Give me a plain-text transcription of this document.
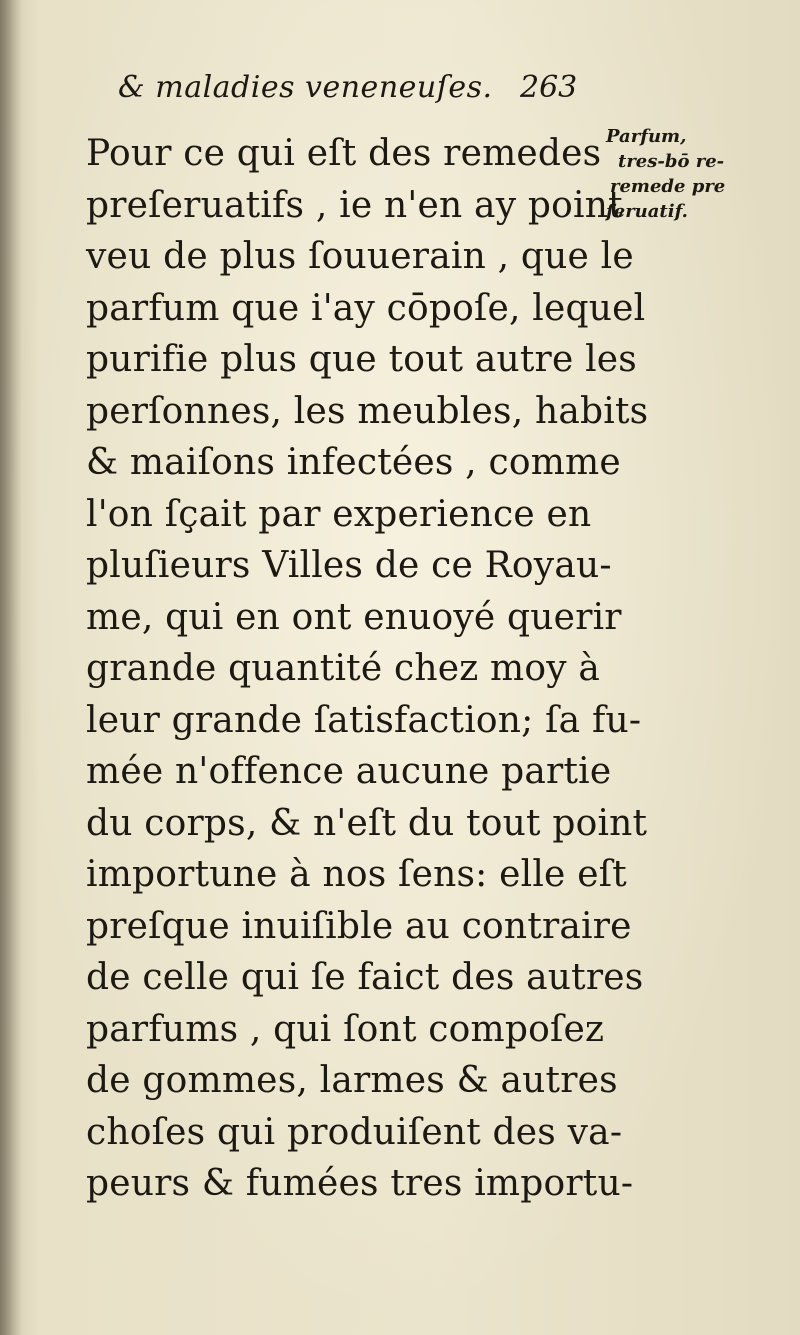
& maladies veneneuſes. 263
Pour ce qui eſt des remedes
preſeruatifs , ie n'en ay point
veu de plus ſouuerain , que le
parfum que i'ay cōpoſe, lequel
purifie plus que tout autre les
perſonnes, les meubles, habits
& maiſons infectées , comme
l'on ſçait par experience en
pluſieurs Villes de ce Royau-
me, qui en ont enuoyé querir
grande quantité chez moy à
leur grande ſatisfaction; ſa fu-
mée n'offence aucune partie
du corps, & n'eſt du tout point
importune à nos ſens: elle eſt
preſque inuiſible au contraire
de celle qui ſe faict des autres
parfums , qui ſont compoſez
de gommes, larmes & autres
choſes qui produiſent des va-
peurs & fumées tres importu-
Parfum,
tres-bō re-
remede pre
ſeruatif.
